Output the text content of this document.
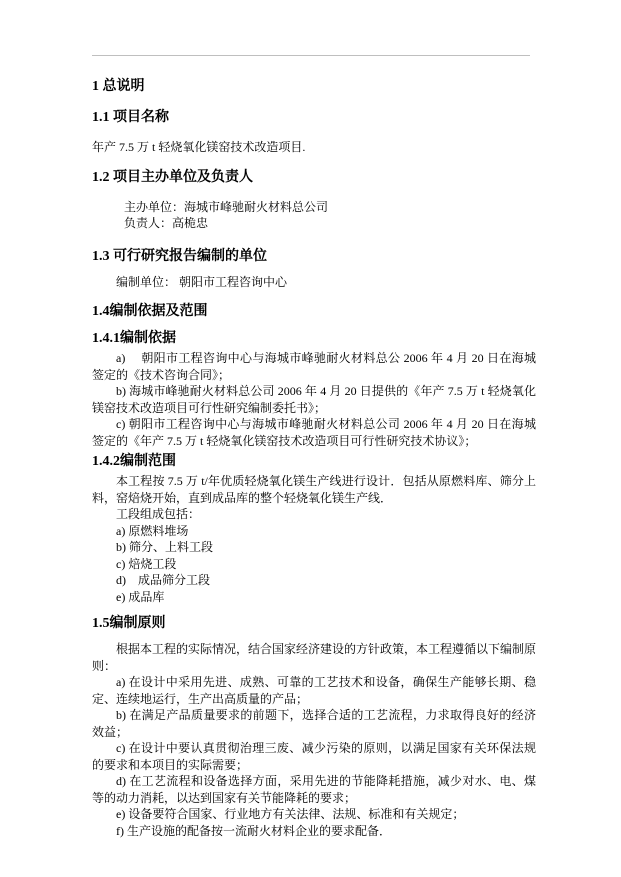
1 总说明
1.1 项目名称

年产 7.5 万 t 轻烧氧化镁窑技术改造项目.

1.2 项目主办单位及负责人

主办单位：海城市峰驰耐火材料总公司

负责人：高桅忠

1.3 可行研究报告编制的单位

编制单位： 朝阳市工程咨询中心

1.4编制依据及范围
1.4.1编制依据

a)　 朝阳市工程咨询中心与海城市峰驰耐火材料总公 2006 年 4 月 20 日在海城签定的《技术咨询合同》；

b) 海城市峰驰耐火材料总公司 2006 年 4 月 20 日提供的《年产 7.5 万 t 轻烧氧化镁窑技术改造项目可行性研究编制委托书》；

c) 朝阳市工程咨询中心与海城市峰驰耐火材料总公司 2006 年 4 月 20 日在海城签定的《年产 7.5 万 t 轻烧氧化镁窑技术改造项目可行性研究技术协议》；

1.4.2编制范围

本工程按 7.5 万 t/年优质轻烧氧化镁生产线进行设计．包括从原燃料库、筛分上料，窑焙烧开始，直到成品库的整个轻烧氧化镁生产线．

工段组成包括：

a) 原燃料堆场

b) 筛分、上料工段

c) 焙烧工段

d)　成品筛分工段

e) 成品库

1.5编制原则

根据本工程的实际情况，结合国家经济建设的方针政策，本工程遵循以下编制原则：

a) 在设计中采用先进、成熟、可靠的工艺技术和设备，确保生产能够长期、稳定、连续地运行，生产出高质量的产品；

b) 在满足产品质量要求的前题下，选择合适的工艺流程，力求取得良好的经济效益；

c) 在设计中要认真贯彻治理三废、减少污染的原则，以满足国家有关环保法规的要求和本项目的实际需要；

d) 在工艺流程和设备选择方面，采用先进的节能降耗措施，减少对水、电、煤等的动力消耗，以达到国家有关节能降耗的要求；

e) 设备要符合国家、行业地方有关法律、法规、标准和有关规定；

f) 生产设施的配备按一流耐火材料企业的要求配备．
